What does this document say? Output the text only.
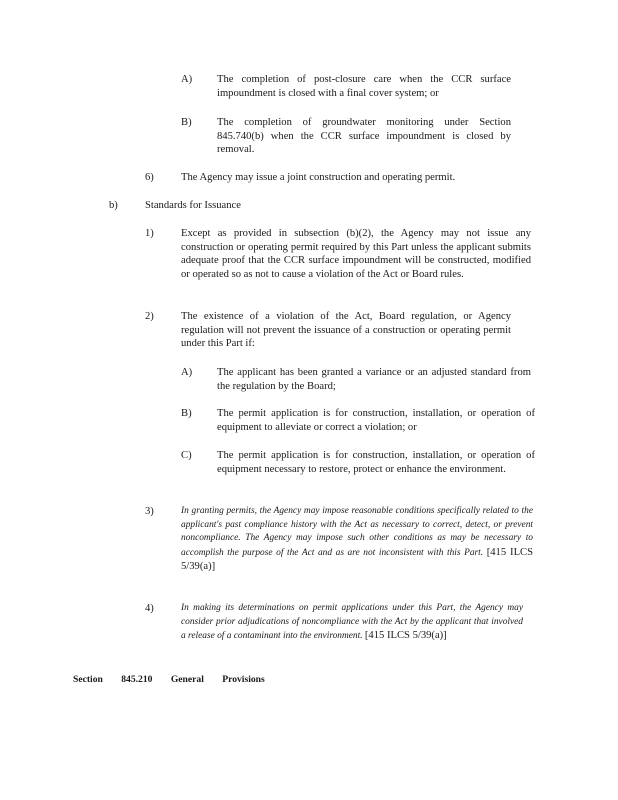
A) The completion of post-closure care when the CCR surface impoundment is closed with a final cover system; or
B) The completion of groundwater monitoring under Section 845.740(b) when the CCR surface impoundment is closed by removal.
6)	The Agency may issue a joint construction and operating permit.
b)	Standards for Issuance
1)	Except as provided in subsection (b)(2), the Agency may not issue any construction or operating permit required by this Part unless the applicant submits adequate proof that the CCR surface impoundment will be constructed, modified or operated so as not to cause a violation of the Act or Board rules.
2)	The existence of a violation of the Act, Board regulation, or Agency regulation will not prevent the issuance of a construction or operating permit under this Part if:
A) The applicant has been granted a variance or an adjusted standard from the regulation by the Board;
B) The permit application is for construction, installation, or operation of equipment to alleviate or correct a violation; or
C) The permit application is for construction, installation, or operation of equipment necessary to restore, protect or enhance the environment.
3)	In granting permits, the Agency may impose reasonable conditions specifically related to the applicant's past compliance history with the Act as necessary to correct, detect, or prevent noncompliance. The Agency may impose such other conditions as may be necessary to accomplish the purpose of the Act and as are not inconsistent with this Part. [415 ILCS 5/39(a)]
4)	In making its determinations on permit applications under this Part, the Agency may consider prior adjudications of noncompliance with the Act by the applicant that involved a release of a contaminant into the environment. [415 ILCS 5/39(a)]
Section 845.210 General Provisions
